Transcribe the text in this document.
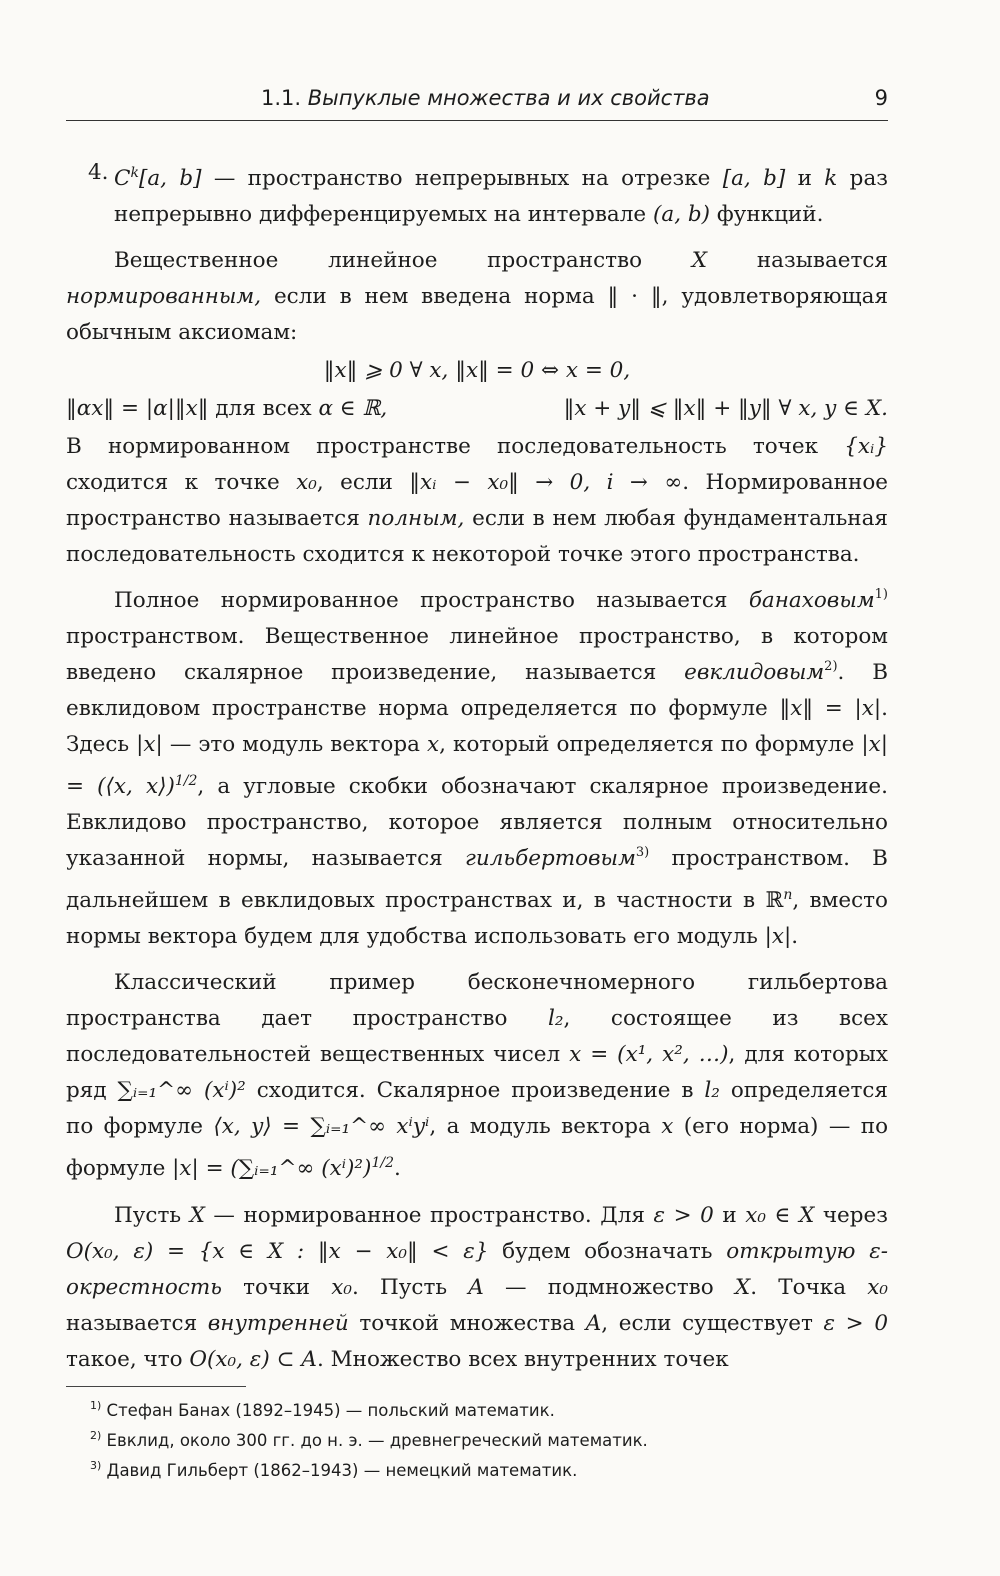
1.1. Выпуклые множества и их свойства	9
4. $C^k[a$, b] — пространство непрерывных на отрезке [a, b] и k раз непрерывно дифференцируемых на интервале (a, b) функций.

Вещественное линейное пространство X называется нормированным, если в нем введена норма ‖ · ‖, удовлетворяющая обычным аксиомам:

‖x‖ ⩾ 0 ∀ x, ‖x‖ = 0 ⇔ x = 0,
‖αx‖ = |α|‖x‖ для всех α ∈ ℝ,	‖x + y‖ ⩽ ‖x‖ + ‖y‖ ∀ x, y ∈ X.

В нормированном пространстве последовательность точек {xᵢ} сходится к точке x₀, если ‖xᵢ − x₀‖ → 0, i → ∞. Нормированное пространство называется полным, если в нем любая фундаментальная последовательность сходится к некоторой точке этого пространства.

Полное нормированное пространство называется банаховым$^{1)}$ пространством. Вещественное линейное пространство, в котором введено скалярное произведение, называется евклидовым$^{2)}$. В евклидовом пространстве норма определяется по формуле ‖x‖ = |x|. Здесь |x| — это модуль вектора x, который определяется по формуле |x| = (⟨x, x⟩)$^{1/2}$, а угловые скобки обозначают скалярное произведение. Евклидово пространство, которое является полным относительно указанной нормы, называется гильбертовым$^{3)}$ пространством. В дальнейшем в евклидовых пространствах и, в частности в ℝ$^n$, вместо нормы вектора будем для удобства использовать его модуль |x|.

Классический пример бесконечномерного гильбертова пространства дает пространство l₂, состоящее из всех последовательностей вещественных чисел x = (x¹, x², …), для которых ряд ∑ᵢ₌₁^∞ (xⁱ)² сходится. Скалярное произведение в l₂ определяется по формуле ⟨x, y⟩ = ∑ᵢ₌₁^∞ xⁱyⁱ, а модуль вектора x (его норма) — по формуле |x| = (∑ᵢ₌₁^∞ (xⁱ)²)$^{1/2}$.

Пусть X — нормированное пространство. Для ε > 0 и x₀ ∈ X через O(x₀, ε) = {x ∈ X : ‖x − x₀‖ < ε} будем обозначать открытую ε-окрестность точки x₀. Пусть A — подмножество X. Точка x₀ называется внутренней точкой множества A, если существует ε > 0 такое, что O(x₀, ε) ⊂ A. Множество всех внутренних точек

$^{1)}$ Стефан Банах (1892–1945) — польский математик.
$^{2)}$ Евклид, около 300 гг. до н. э. — древнегреческий математик.
$^{3)}$ Давид Гильберт (1862–1943) — немецкий математик.
